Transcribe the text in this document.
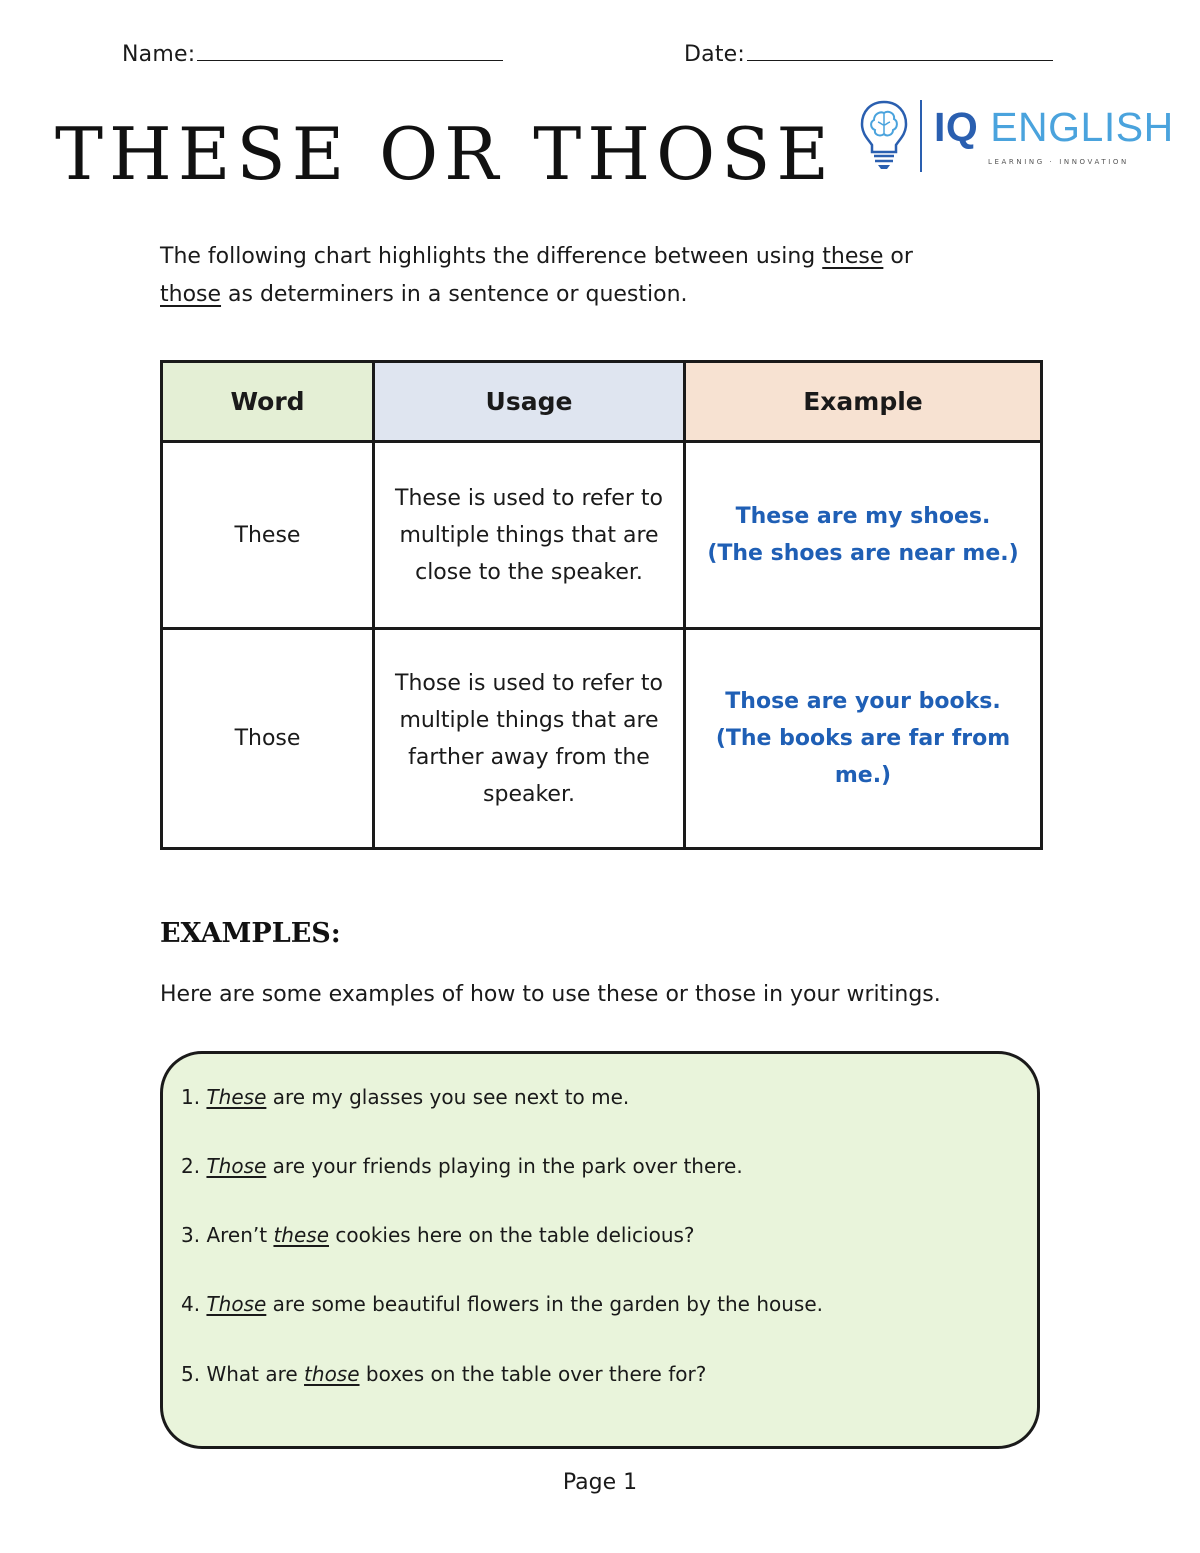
Name:	Date:
THESE OR THOSE IQ ENGLISH
LEARNING · INNOVATION
The following chart highlights the difference between using these or
those as determiners in a sentence or question.
Word	Usage	Example
These	These is used to refer to multiple things that are close to the speaker.	These are my shoes.
(The shoes are near me.)
Those	Those is used to refer to multiple things that are farther away from the speaker.	Those are your books.
(The books are far from me.)
EXAMPLES:
Here are some examples of how to use these or those in your writings.
1. These are my glasses you see next to me.
2. Those are your friends playing in the park over there.
3. Aren’t these cookies here on the table delicious?
4. Those are some beautiful flowers in the garden by the house.
5. What are those boxes on the table over there for?
Page 1
